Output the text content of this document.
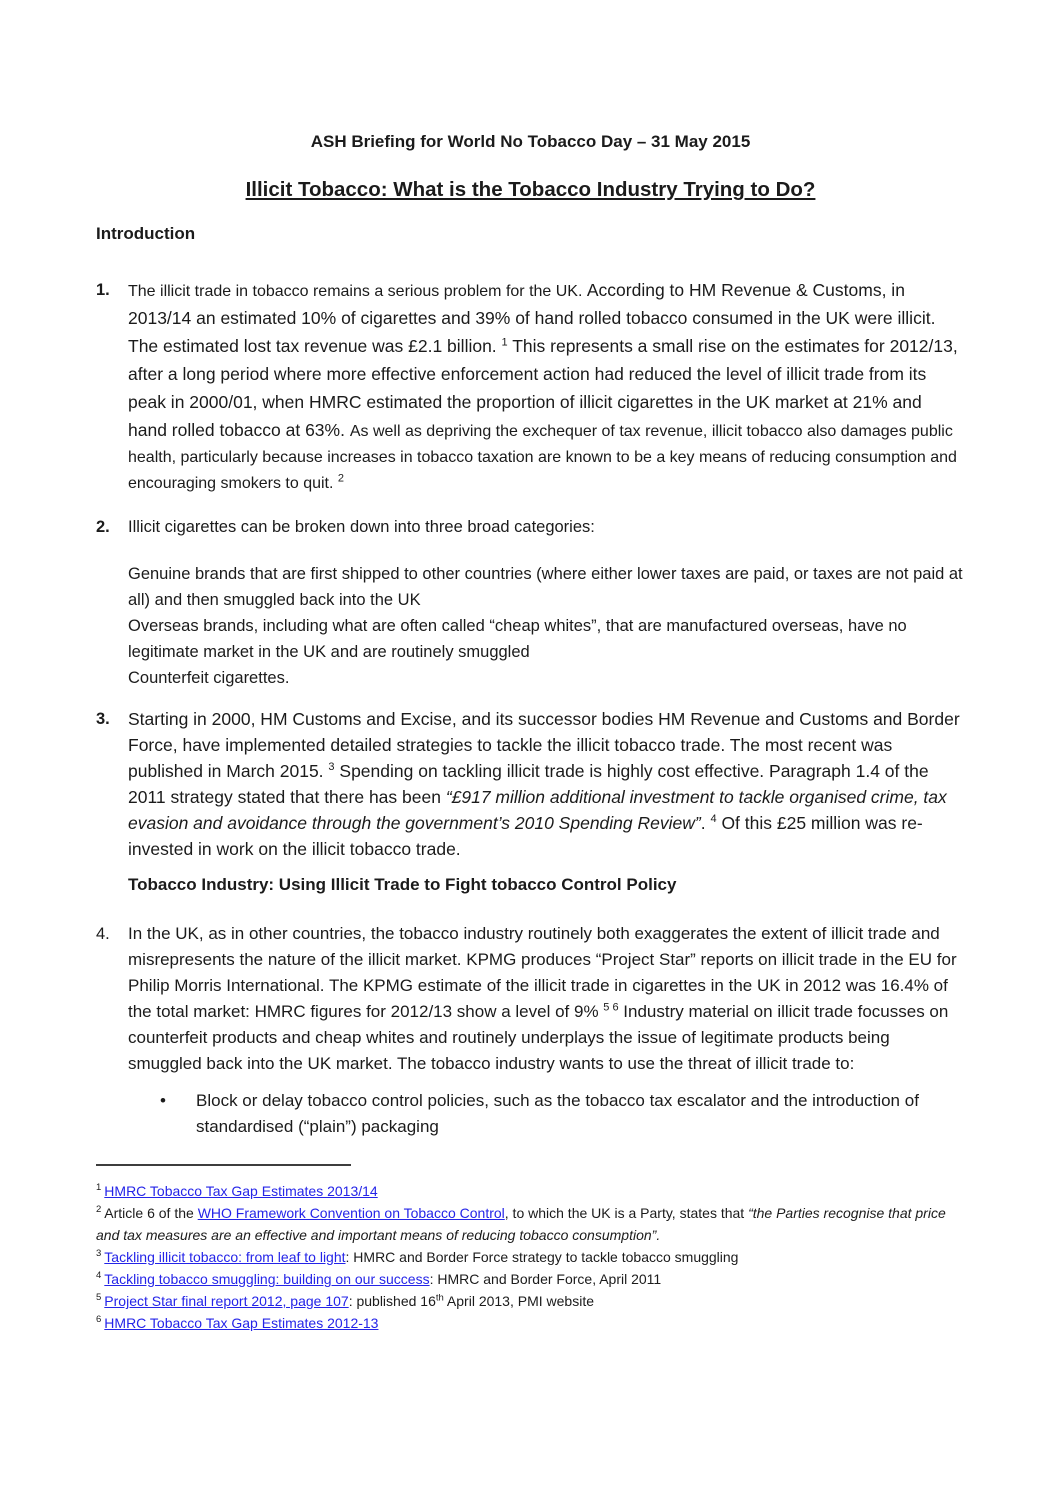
ASH Briefing for World No Tobacco Day – 31 May 2015
Illicit Tobacco: What is the Tobacco Industry Trying to Do?
Introduction
1.	The illicit trade in tobacco remains a serious problem for the UK. According to HM Revenue & Customs, in 2013/14 an estimated 10% of cigarettes and 39% of hand rolled tobacco consumed in the UK were illicit. The estimated lost tax revenue was £2.1 billion. $^1$ This represents a small rise on the estimates for 2012/13, after a long period where more effective enforcement action had reduced the level of illicit trade from its peak in 2000/01, when HMRC estimated the proportion of illicit cigarettes in the UK market at 21% and hand rolled tobacco at 63%. As well as depriving the exchequer of tax revenue, illicit tobacco also damages public health, particularly because increases in tobacco taxation are known to be a key means of reducing consumption and encouraging smokers to quit. $^2$
2.	Illicit cigarettes can be broken down into three broad categories:
Genuine brands that are first shipped to other countries (where either lower taxes are paid, or taxes are not paid at all) and then smuggled back into the UK
Overseas brands, including what are often called “cheap whites”, that are manufactured overseas, have no legitimate market in the UK and are routinely smuggled
Counterfeit cigarettes.
3.	Starting in 2000, HM Customs and Excise, and its successor bodies HM Revenue and Customs and Border Force, have implemented detailed strategies to tackle the illicit tobacco trade. The most recent was published in March 2015. $^3$ Spending on tackling illicit trade is highly cost effective. Paragraph 1.4 of the 2011 strategy stated that there has been “£917 million additional investment to tackle organised crime, tax evasion and avoidance through the government’s 2010 Spending Review”. $^4$ Of this £25 million was re-invested in work on the illicit tobacco trade.
Tobacco Industry: Using Illicit Trade to Fight tobacco Control Policy
4.	In the UK, as in other countries, the tobacco industry routinely both exaggerates the extent of illicit trade and misrepresents the nature of the illicit market. KPMG produces “Project Star” reports on illicit trade in the EU for Philip Morris International. The KPMG estimate of the illicit trade in cigarettes in the UK in 2012 was 16.4% of the total market: HMRC figures for 2012/13 show a level of 9% $^{5 6}$ Industry material on illicit trade focusses on counterfeit products and cheap whites and routinely underplays the issue of legitimate products being smuggled back into the UK market. The tobacco industry wants to use the threat of illicit trade to:
•	Block or delay tobacco control policies, such as the tobacco tax escalator and the introduction of standardised (“plain”) packaging
$^1$ HMRC Tobacco Tax Gap Estimates 2013/14
$^2$ Article 6 of the WHO Framework Convention on Tobacco Control, to which the UK is a Party, states that “the Parties recognise that price and tax measures are an effective and important means of reducing tobacco consumption”.
$^3$ Tackling illicit tobacco: from leaf to light: HMRC and Border Force strategy to tackle tobacco smuggling
$^4$ Tackling tobacco smuggling: building on our success: HMRC and Border Force, April 2011
$^5$ Project Star final report 2012, page 107: published 16th April 2013, PMI website
$^6$ HMRC Tobacco Tax Gap Estimates 2012-13
